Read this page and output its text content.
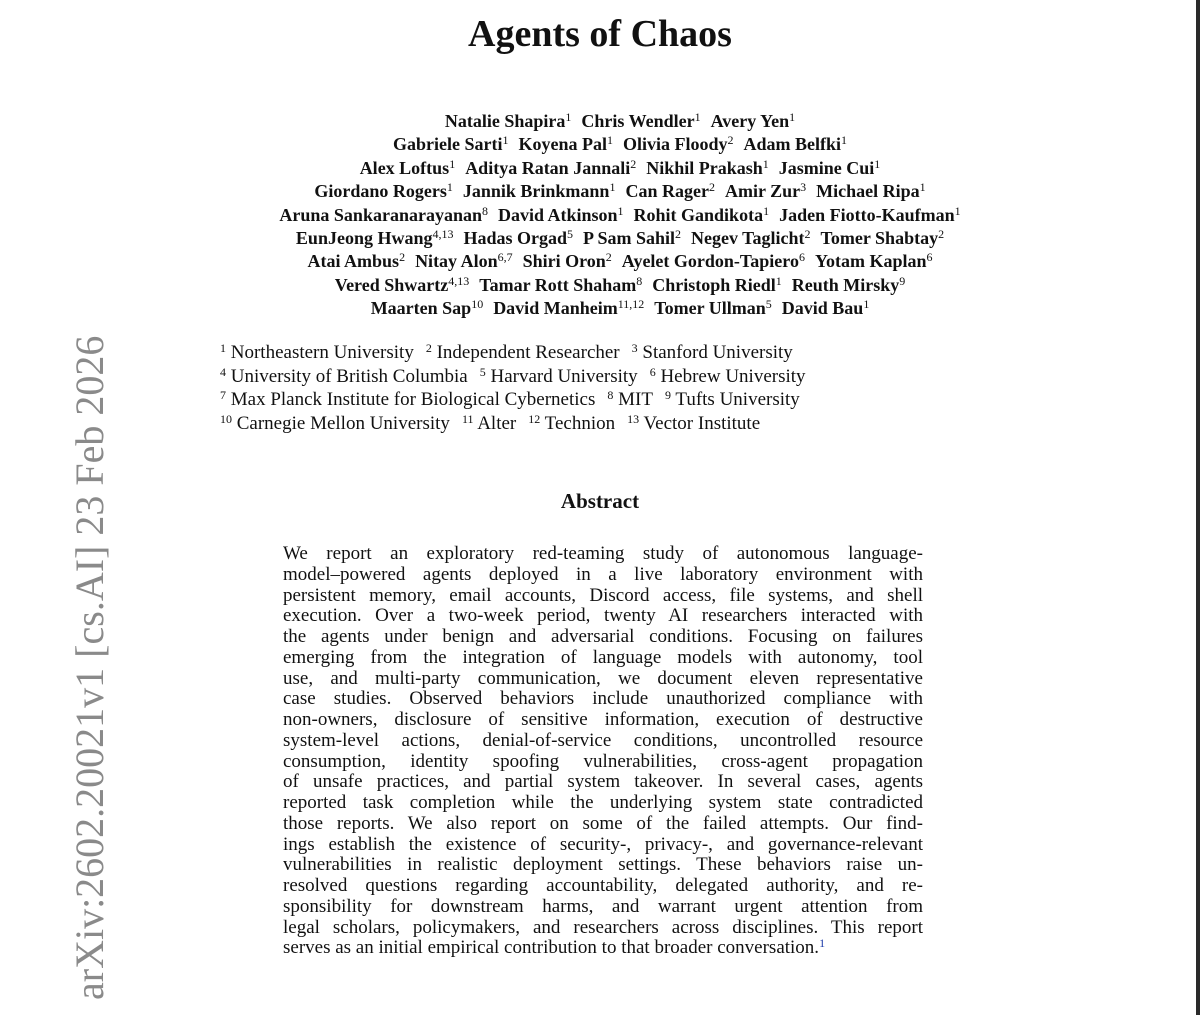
arXiv:2602.20021v1 [cs.AI] 23 Feb 2026
Agents of Chaos
Natalie Shapira$^1$ Chris Wendler$^1$ Avery Yen$^1$
Gabriele Sarti$^1$ Koyena Pal$^1$ Olivia Floody$^2$ Adam Belfki$^1$
Alex Loftus$^1$ Aditya Ratan Jannali$^2$ Nikhil Prakash$^1$ Jasmine Cui$^1$
Giordano Rogers$^1$ Jannik Brinkmann$^1$ Can Rager$^2$ Amir Zur$^3$ Michael Ripa$^1$
Aruna Sankaranarayanan$^8$ David Atkinson$^1$ Rohit Gandikota$^1$ Jaden Fiotto-Kaufman$^1$
EunJeong Hwang$^{4,13}$ Hadas Orgad$^5$ P Sam Sahil$^2$ Negev Taglicht$^2$ Tomer Shabtay$^2$
Atai Ambus$^2$ Nitay Alon$^{6,7}$ Shiri Oron$^2$ Ayelet Gordon-Tapiero$^6$ Yotam Kaplan$^6$
Vered Shwartz$^{4,13}$ Tamar Rott Shaham$^8$ Christoph Riedl$^1$ Reuth Mirsky$^9$
Maarten Sap$^{10}$ David Manheim$^{11,12}$ Tomer Ullman$^5$ David Bau$^1$
$^1$ Northeastern University $^2$ Independent Researcher $^3$ Stanford University
$^4$ University of British Columbia $^5$ Harvard University $^6$ Hebrew University
$^7$ Max Planck Institute for Biological Cybernetics $^8$ MIT $^9$ Tufts University
$^{10}$ Carnegie Mellon University $^{11}$ Alter $^{12}$ Technion $^{13}$ Vector Institute
Abstract
We report an exploratory red-teaming study of autonomous language-
model–powered agents deployed in a live laboratory environment with
persistent memory, email accounts, Discord access, file systems, and shell
execution. Over a two-week period, twenty AI researchers interacted with
the agents under benign and adversarial conditions. Focusing on failures
emerging from the integration of language models with autonomy, tool
use, and multi-party communication, we document eleven representative
case studies. Observed behaviors include unauthorized compliance with
non-owners, disclosure of sensitive information, execution of destructive
system-level actions, denial-of-service conditions, uncontrolled resource
consumption, identity spoofing vulnerabilities, cross-agent propagation
of unsafe practices, and partial system takeover. In several cases, agents
reported task completion while the underlying system state contradicted
those reports. We also report on some of the failed attempts. Our find-
ings establish the existence of security-, privacy-, and governance-relevant
vulnerabilities in realistic deployment settings. These behaviors raise un-
resolved questions regarding accountability, delegated authority, and re-
sponsibility for downstream harms, and warrant urgent attention from
legal scholars, policymakers, and researchers across disciplines. This report
serves as an initial empirical contribution to that broader conversation.$^1$
